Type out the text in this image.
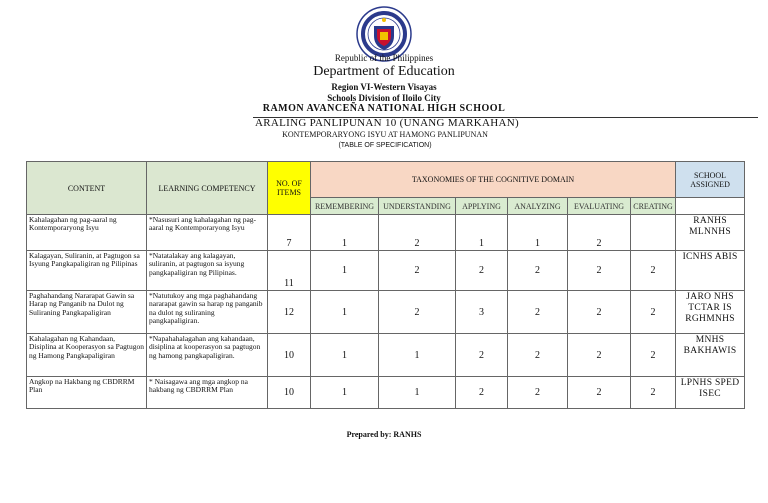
Republic of the Philippines
Department of Education
Region VI-Western Visayas
Schools Division of Iloilo City
RAMON AVANCEÑA NATIONAL HIGH SCHOOL
ARALING PANLIPUNAN 10 (UNANG MARKAHAN)
KONTEMPORARYONG ISYU AT HAMONG PANLIPUNAN
(TABLE OF SPECIFICATION)
CONTENT	LEARNING COMPETENCY	NO. OF ITEMS	TAXONOMIES OF THE COGNITIVE DOMAIN						SCHOOL ASSIGNED
			REMEMBERING	UNDERSTANDING	APPLYING	ANALYZING	EVALUATING	CREATING	
Kahalagahan ng pag-aaral ng Kontemporaryong Isyu	*Nasusuri ang kahalagahan ng pag-aaral ng Kontemporaryong Isyu	7	1	2	1	1	2		RANHS MLNNHS
Kalagayan, Suliranin, at Pagtugon sa Isyung Pangkapaligiran ng Pilipinas	*Natatalakay ang kalagayan, suliranin, at pagtugon sa isyung pangkapaligiran ng Pilipinas.	11	1	2	2	2	2	2	ICNHS ABIS
Paghahandang Nararapat Gawin sa Harap ng Panganib na Dulot ng Suliraning Pangkapaligiran	*Natutukoy ang mga paghahandang nararapat gawin sa harap ng panganib na dulot ng suliraning pangkapaligiran.	12	1	2	3	2	2	2	JARO NHS TCTAR IS RGHMNHS
Kahalagahan ng Kahandaan, Disiplina at Kooperasyon sa Pagtugon ng Hamong Pangkapaligiran	*Napahahalagahan ang kahandaan, disiplina at kooperasyon sa pagtugon ng hamong pangkapaligiran.	10	1	1	2	2	2	2	MNHS BAKHAWIS
Angkop na Hakbang ng CBDRRM Plan	* Naisagawa ang mga angkop na hakbang ng CBDRRM Plan	10	1	1	2	2	2	2	LPNHS SPED ISEC
Prepared by: RANHS
